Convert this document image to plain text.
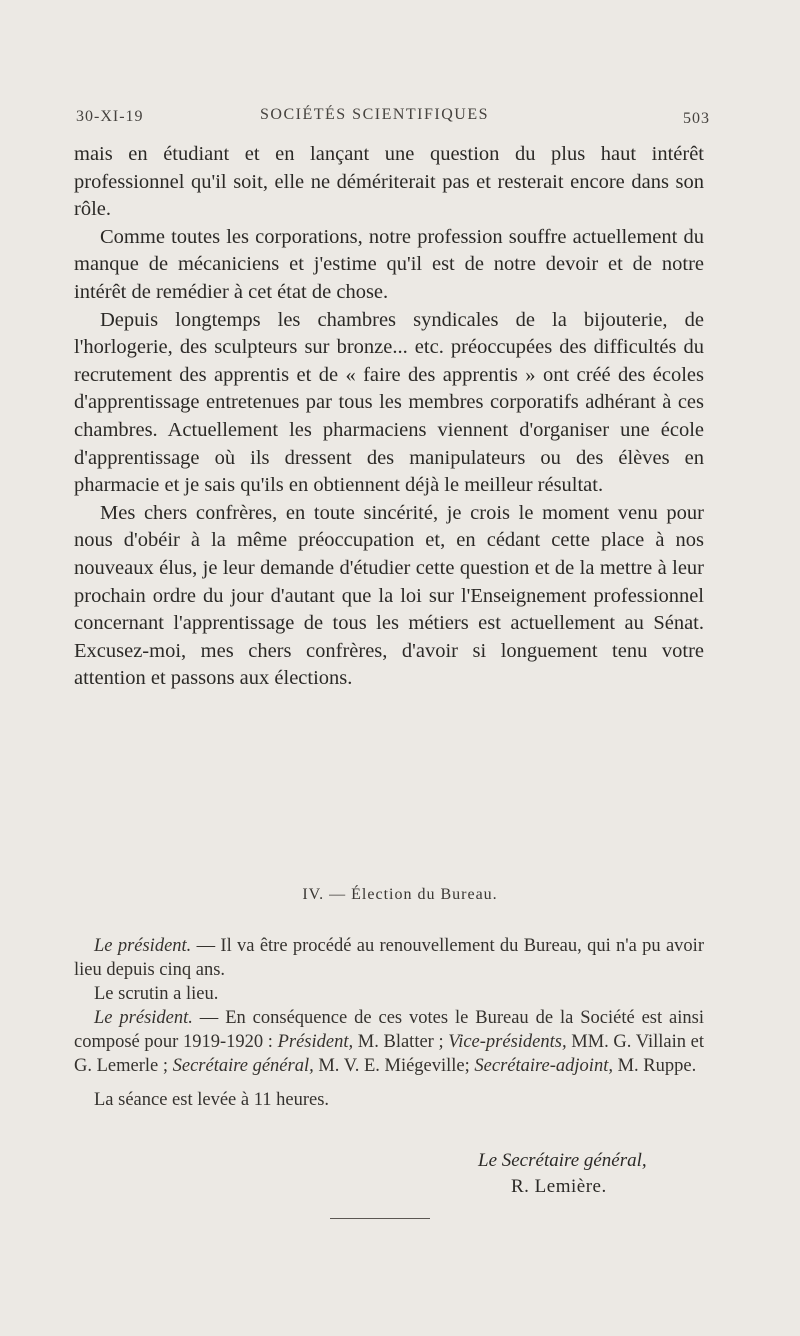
30-XI-19	SOCIÉTÉS SCIENTIFIQUES	503

mais en étudiant et en lançant une question du plus haut intérêt professionnel qu'il soit, elle ne démériterait pas et resterait encore dans son rôle.

Comme toutes les corporations, notre profession souffre actuellement du manque de mécaniciens et j'estime qu'il est de notre devoir et de notre intérêt de remédier à cet état de chose.

Depuis longtemps les chambres syndicales de la bijouterie, de l'horlogerie, des sculpteurs sur bronze... etc. préoccupées des difficultés du recrutement des apprentis et de « faire des apprentis » ont créé des écoles d'apprentissage entretenues par tous les membres corporatifs adhérant à ces chambres. Actuellement les pharmaciens viennent d'organiser une école d'apprentissage où ils dressent des manipulateurs ou des élèves en pharmacie et je sais qu'ils en obtiennent déjà le meilleur résultat.

Mes chers confrères, en toute sincérité, je crois le moment venu pour nous d'obéir à la même préoccupation et, en cédant cette place à nos nouveaux élus, je leur demande d'étudier cette question et de la mettre à leur prochain ordre du jour d'autant que la loi sur l'Enseignement professionnel concernant l'apprentissage de tous les métiers est actuellement au Sénat. Excusez-moi, mes chers confrères, d'avoir si longuement tenu votre attention et passons aux élections.

IV. — Élection du Bureau.

Le président. — Il va être procédé au renouvellement du Bureau, qui n'a pu avoir lieu depuis cinq ans.

Le scrutin a lieu.

Le président. — En conséquence de ces votes le Bureau de la Société est ainsi composé pour 1919-1920 : Président, M. Blatter ; Vice-présidents, MM. G. Villain et G. Lemerle ; Secrétaire général, M. V. E. Miégeville; Secrétaire-adjoint, M. Ruppe.

La séance est levée à 11 heures.

Le Secrétaire général,
R. Lemière.
